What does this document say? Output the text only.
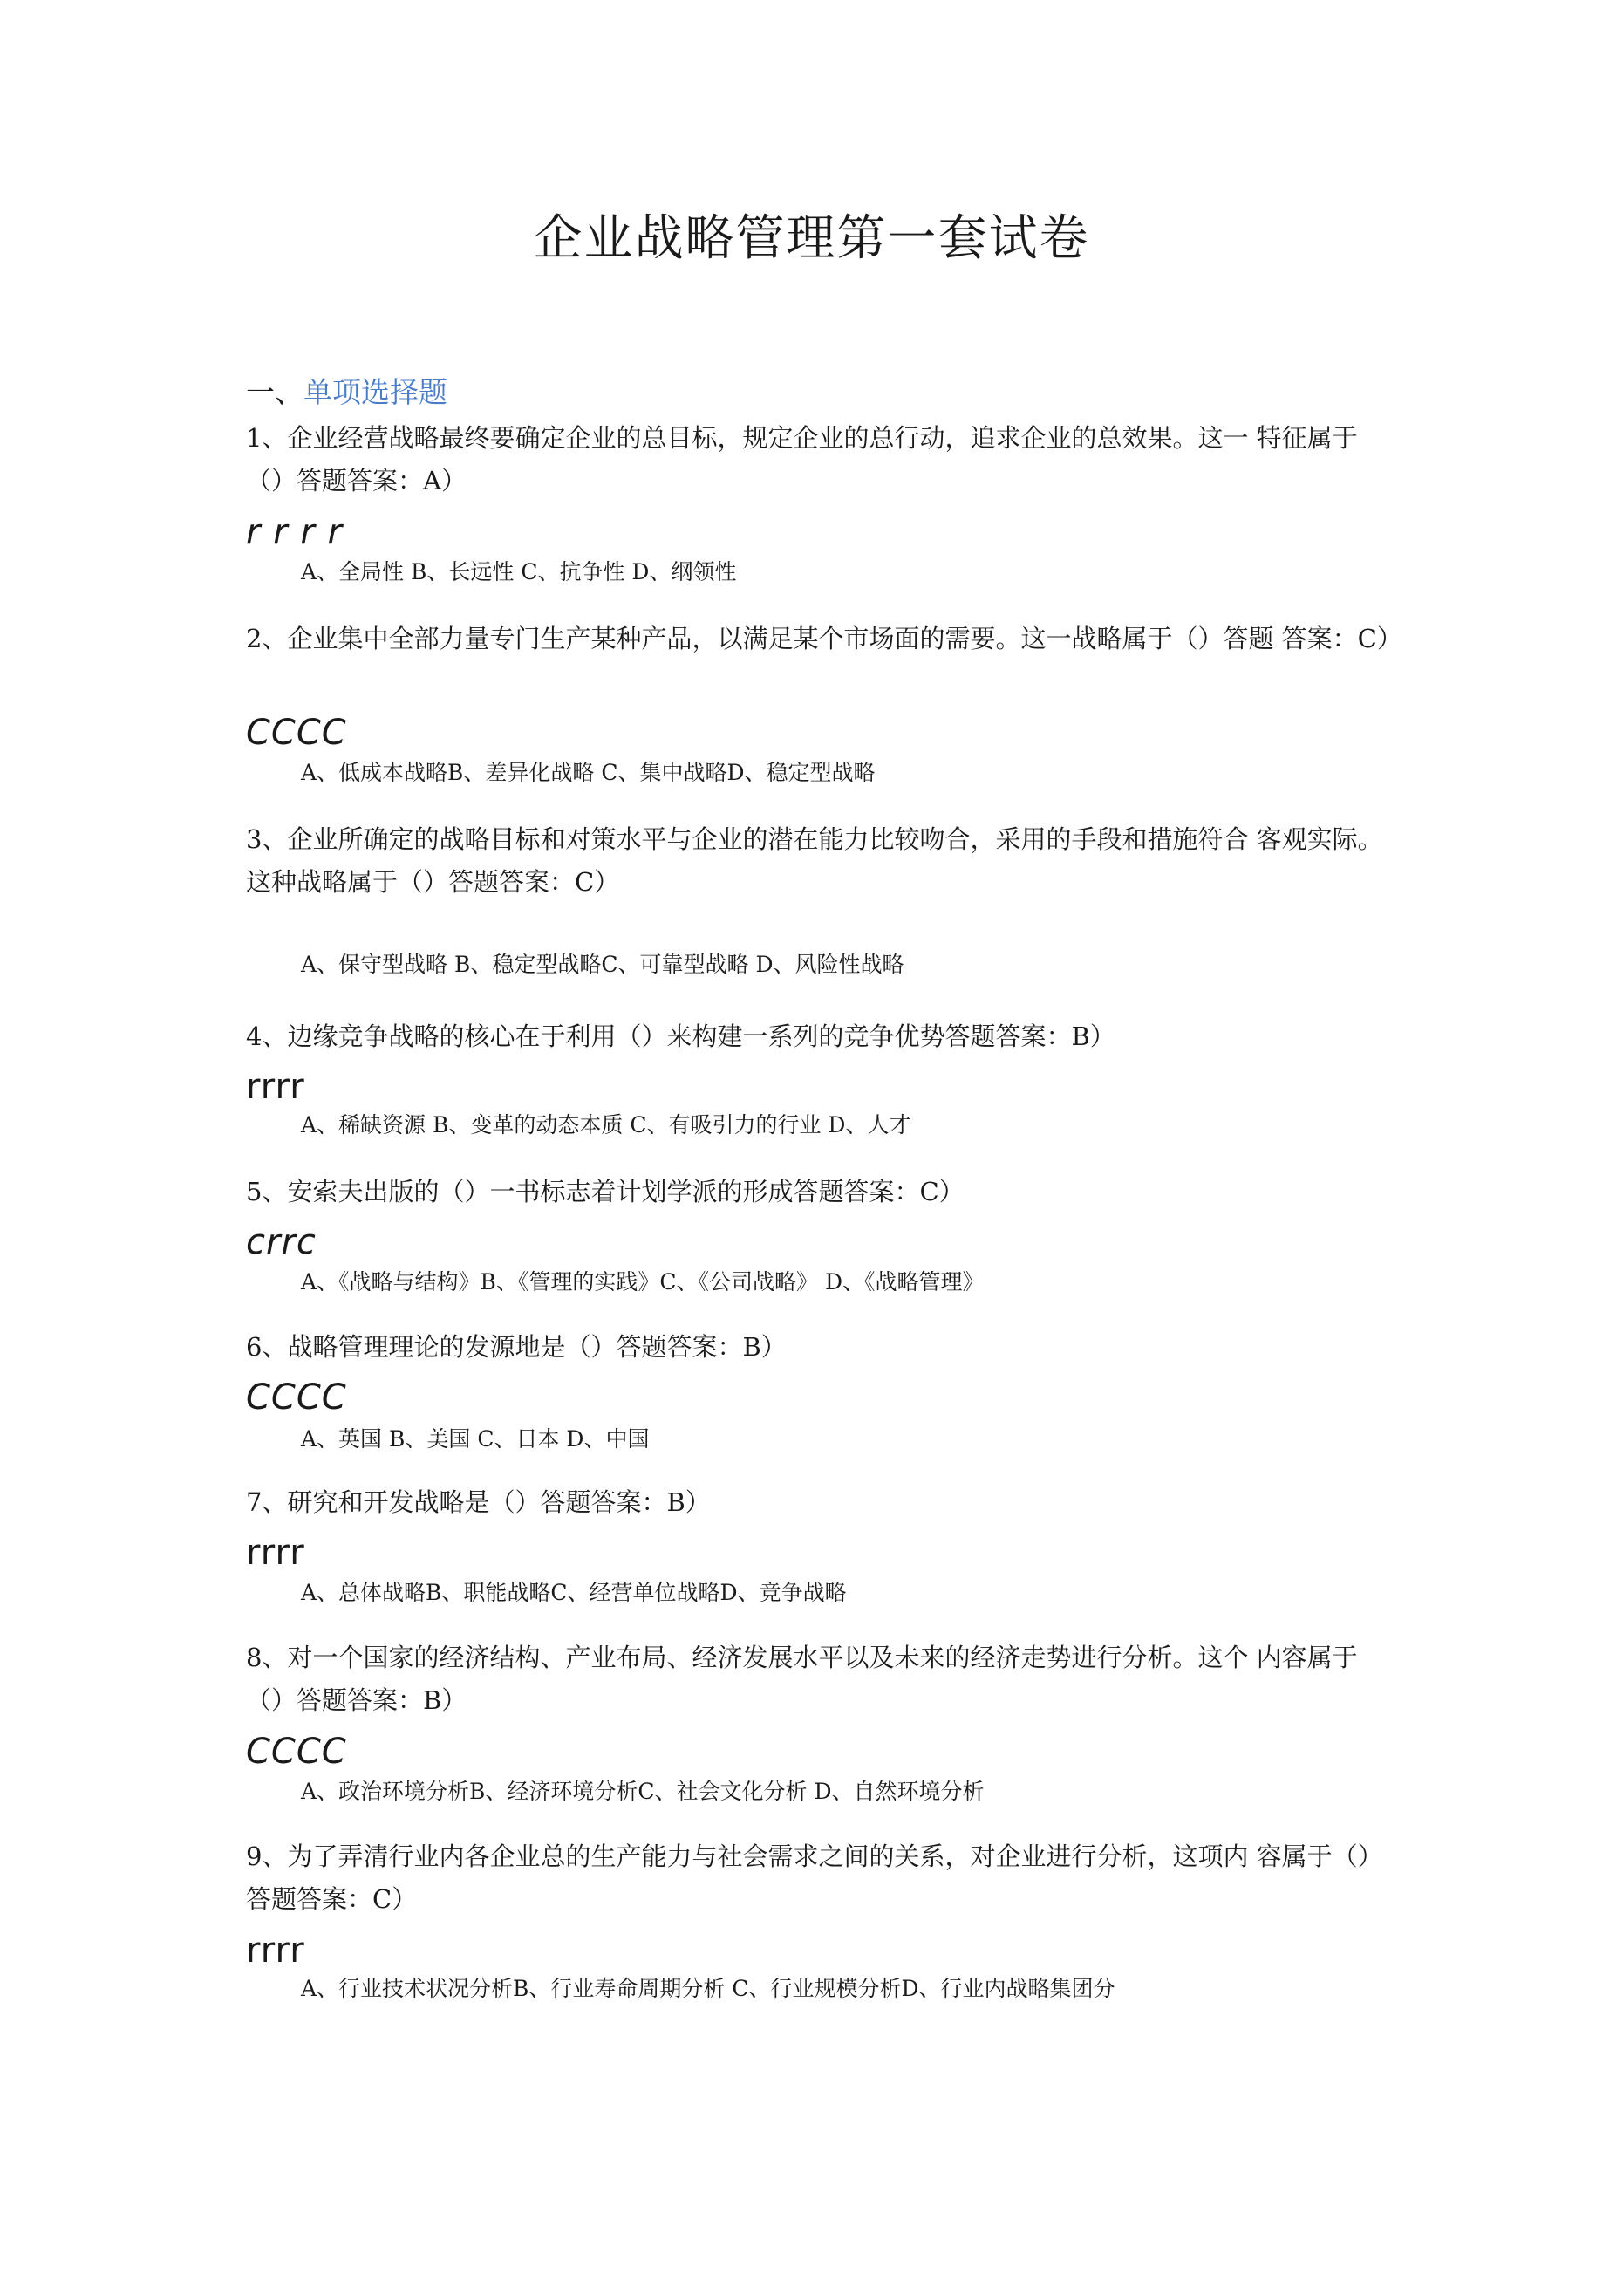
企业战略管理第一套试卷
一、单项选择题
1、企业经营战略最终要确定企业的总目标，规定企业的总行动，追求企业的总效果。这一 特征属于（）答题答案：A）
r r r r
A、全局性 B、长远性 C、抗争性 D、纲领性
2、企业集中全部力量专门生产某种产品，以满足某个市场面的需要。这一战略属于（）答题 答案：C）
CCCC
A、低成本战略B、差异化战略 C、集中战略D、稳定型战略
3、企业所确定的战略目标和对策水平与企业的潜在能力比较吻合，采用的手段和措施符合 客观实际。这种战略属于（）答题答案：C）
A、保守型战略 B、稳定型战略C、可靠型战略 D、风险性战略
4、边缘竞争战略的核心在于利用（）来构建一系列的竞争优势答题答案：B）
rrrr
A、稀缺资源 B、变革的动态本质 C、有吸引力的行业 D、人才
5、安索夫出版的（）一书标志着计划学派的形成答题答案：C）
crrc
A、《战略与结构》B、《管理的实践》C、《公司战略》 D、《战略管理》
6、战略管理理论的发源地是（）答题答案：B）
CCCC
A、英国 B、美国 C、日本 D、中国
7、研究和开发战略是（）答题答案：B）
rrrr
A、总体战略B、职能战略C、经营单位战略D、竞争战略
8、对一个国家的经济结构、产业布局、经济发展水平以及未来的经济走势进行分析。这个 内容属于（）答题答案：B）
CCCC
A、政治环境分析B、经济环境分析C、社会文化分析 D、自然环境分析
9、为了弄清行业内各企业总的生产能力与社会需求之间的关系，对企业进行分析，这项内 容属于（）答题答案：C）
rrrr
A、行业技术状况分析B、行业寿命周期分析 C、行业规模分析D、行业内战略集团分
